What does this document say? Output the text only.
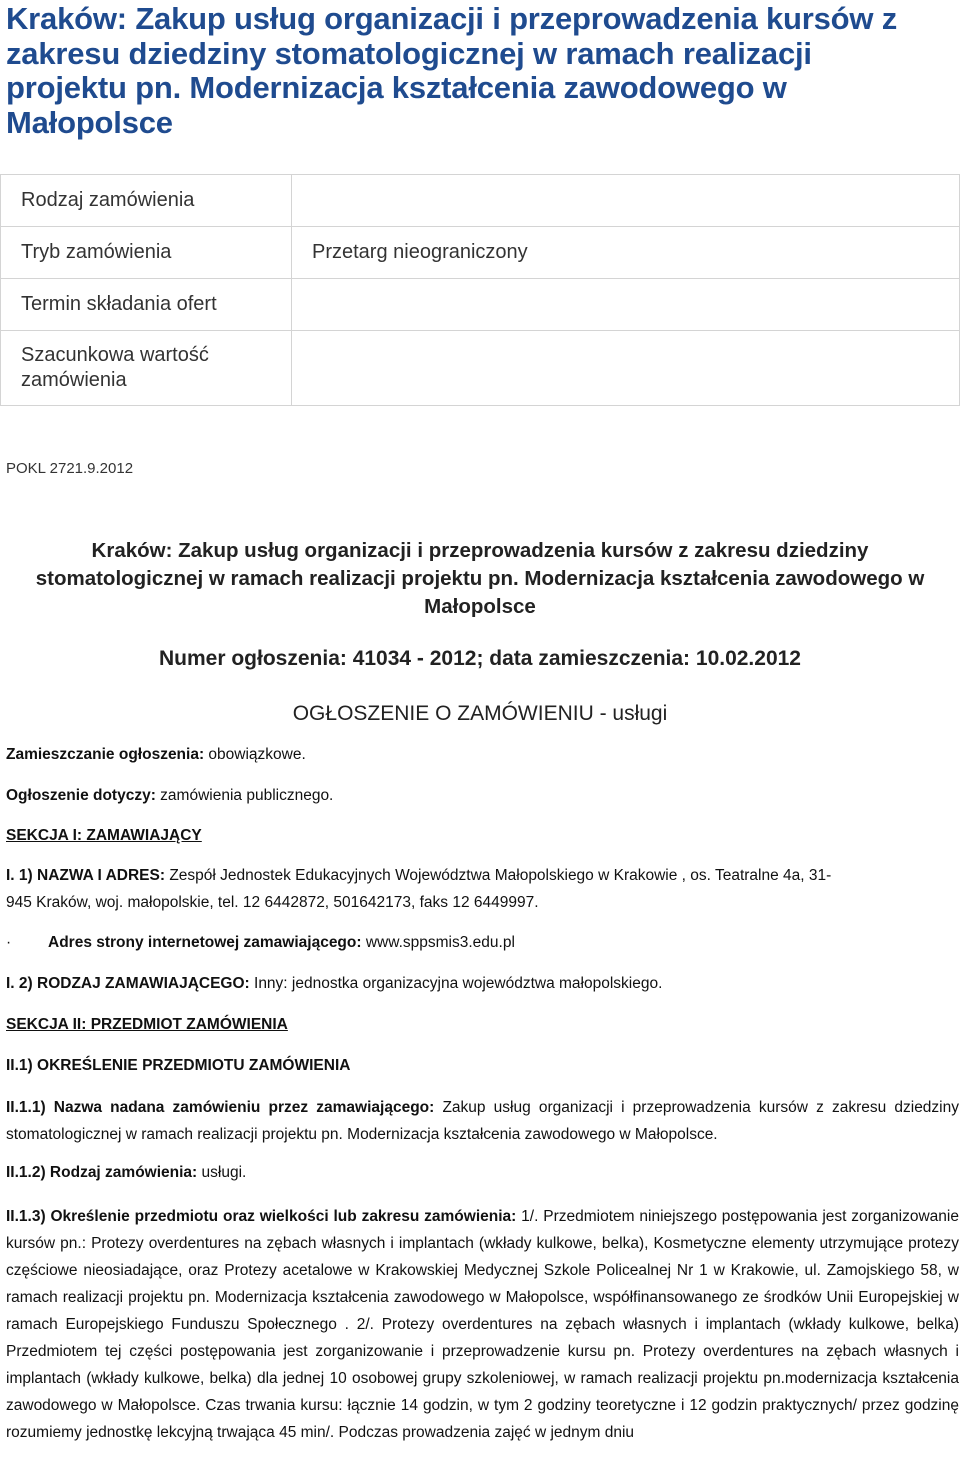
Kraków: Zakup usług organizacji i przeprowadzenia kursów z zakresu dziedziny stomatologicznej w ramach realizacji projektu pn. Modernizacja kształcenia zawodowego w Małopolsce
Rodzaj zamówienia	
Tryb zamówienia	Przetarg nieograniczony
Termin składania ofert	
Szacunkowa wartość zamówienia	
POKL 2721.9.2012
Kraków: Zakup usług organizacji i przeprowadzenia kursów z zakresu dziedziny stomatologicznej w ramach realizacji projektu pn. Modernizacja kształcenia zawodowego w Małopolsce
Numer ogłoszenia: 41034 - 2012; data zamieszczenia: 10.02.2012
OGŁOSZENIE O ZAMÓWIENIU - usługi
Zamieszczanie ogłoszenia: obowiązkowe.
Ogłoszenie dotyczy: zamówienia publicznego.
SEKCJA I: ZAMAWIAJĄCY
I. 1) NAZWA I ADRES: Zespół Jednostek Edukacyjnych Województwa Małopolskiego w Krakowie , os. Teatralne 4a, 31-
945 Kraków, woj. małopolskie, tel. 12 6442872, 501642173, faks 12 6449997.
· Adres strony internetowej zamawiającego: www.sppsmis3.edu.pl
I. 2) RODZAJ ZAMAWIAJĄCEGO: Inny: jednostka organizacyjna województwa małopolskiego.
SEKCJA II: PRZEDMIOT ZAMÓWIENIA
II.1) OKREŚLENIE PRZEDMIOTU ZAMÓWIENIA

II.1.1) Nazwa nadana zamówieniu przez zamawiającego: Zakup usług organizacji i przeprowadzenia kursów z zakresu dziedziny stomatologicznej w ramach realizacji projektu pn. Modernizacja kształcenia zawodowego w Małopolsce.

II.1.2) Rodzaj zamówienia: usługi.

II.1.3) Określenie przedmiotu oraz wielkości lub zakresu zamówienia: 1/. Przedmiotem niniejszego postępowania jest zorganizowanie kursów pn.: Protezy overdentures na zębach własnych i implantach (wkłady kulkowe, belka), Kosmetyczne elementy utrzymujące protezy częściowe nieosiadające, oraz Protezy acetalowe w Krakowskiej Medycznej Szkole Policealnej Nr 1 w Krakowie, ul. Zamojskiego 58, w ramach realizacji projektu pn. Modernizacja kształcenia zawodowego w Małopolsce, współfinansowanego ze środków Unii Europejskiej w ramach Europejskiego Funduszu Społecznego . 2/. Protezy overdentures na zębach własnych i implantach (wkłady kulkowe, belka) Przedmiotem tej części postępowania jest zorganizowanie i przeprowadzenie kursu pn. Protezy overdentures na zębach własnych i implantach (wkłady kulkowe, belka) dla jednej 10 osobowej grupy szkoleniowej, w ramach realizacji projektu pn.modernizacja kształcenia zawodowego w Małopolsce. Czas trwania kursu: łącznie 14 godzin, w tym 2 godziny teoretyczne i 12 godzin praktycznych/ przez godzinę rozumiemy jednostkę lekcyjną trwająca 45 min/. Podczas prowadzenia zajęć w jednym dniu
